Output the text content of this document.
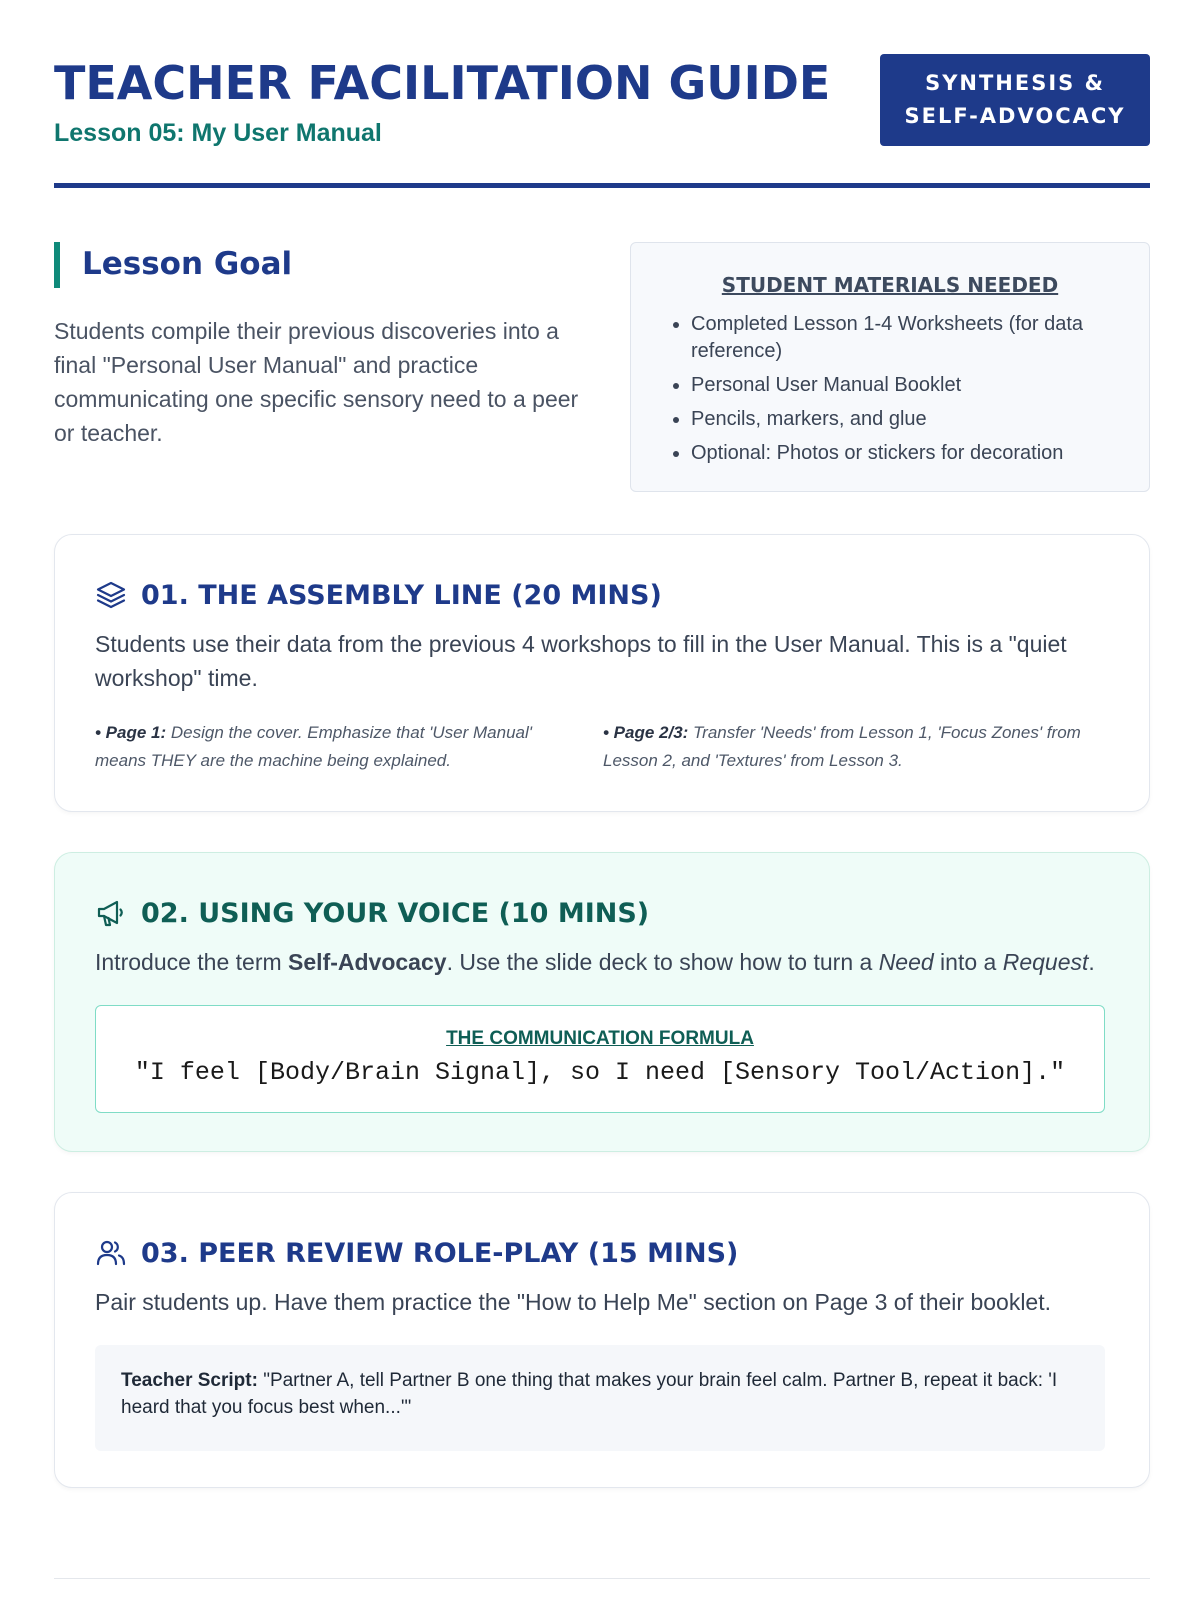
TEACHER FACILITATION GUIDE
Lesson 05: My User Manual
SYNTHESIS &
SELF-ADVOCACY
Lesson Goal

Students compile their previous discoveries into a final "Personal User Manual" and practice communicating one specific sensory need to a peer or teacher.

STUDENT MATERIALS NEEDED
• Completed Lesson 1-4 Worksheets (for data reference)
• Personal User Manual Booklet
• Pencils, markers, and glue
• Optional: Photos or stickers for decoration
01. THE ASSEMBLY LINE (20 MINS)

Students use their data from the previous 4 workshops to fill in the User Manual. This is a "quiet workshop" time.

• Page 1: Design the cover. Emphasize that 'User Manual' means THEY are the machine being explained.
• Page 2/3: Transfer 'Needs' from Lesson 1, 'Focus Zones' from Lesson 2, and 'Textures' from Lesson 3.
02. USING YOUR VOICE (10 MINS)

Introduce the term Self-Advocacy. Use the slide deck to show how to turn a Need into a Request.

THE COMMUNICATION FORMULA
"I feel [Body/Brain Signal], so I need [Sensory Tool/Action]."
03. PEER REVIEW ROLE-PLAY (15 MINS)

Pair students up. Have them practice the "How to Help Me" section on Page 3 of their booklet.

Teacher Script: "Partner A, tell Partner B one thing that makes your brain feel calm. Partner B, repeat it back: 'I heard that you focus best when...'"
